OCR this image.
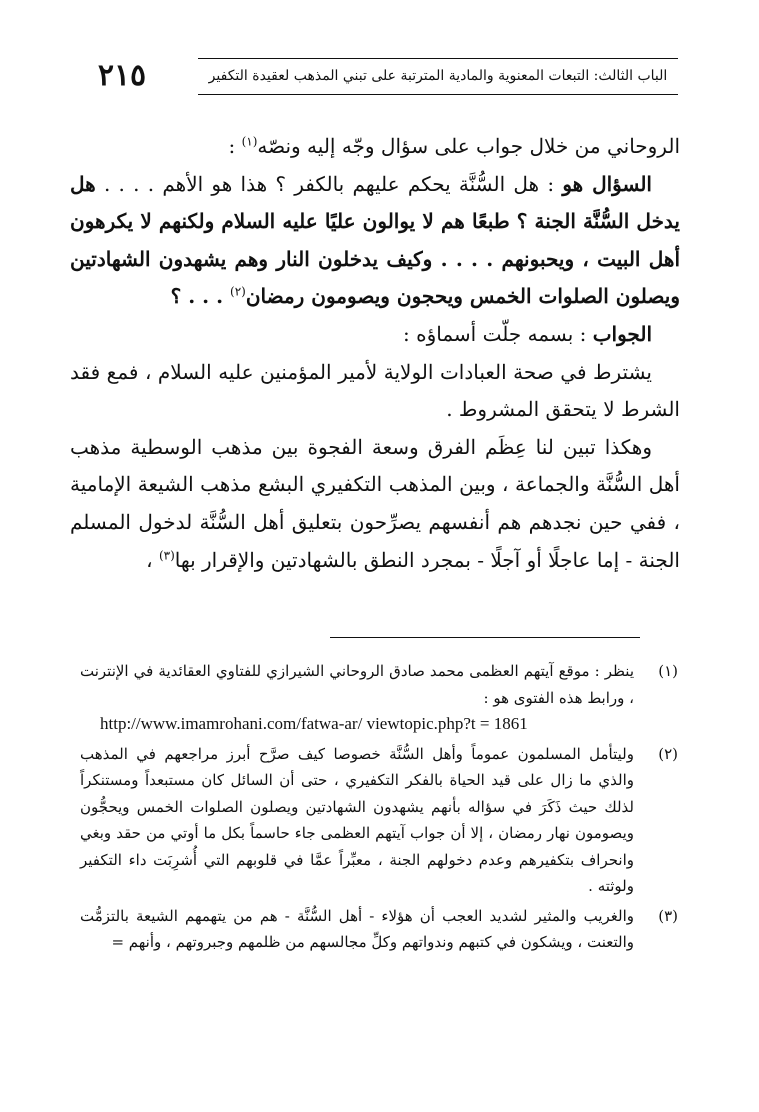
٢١٥	الباب الثالث: التبعات المعنوية والمادية المترتبة على تبني المذهب لعقيدة التكفير

الروحاني من خلال جواب على سؤال وجّه إليه ونصّه$^{(١)}$ :

السؤال هو : هل السُّنَّة يحكم عليهم بالكفر ؟ هذا هو الأهم . . . . هل يدخل السُّنَّة الجنة ؟ طبعًا هم لا يوالون عليًا عليه السلام ولكنهم لا يكرهون أهل البيت ، ويحبونهم . . . . وكيف يدخلون النار وهم يشهدون الشهادتين ويصلون الصلوات الخمس ويحجون ويصومون رمضان$^{(٢)}$ . . . ؟

الجواب : بسمه جلّت أسماؤه :

يشترط في صحة العبادات الولاية لأمير المؤمنين عليه السلام ، فمع فقد الشرط لا يتحقق المشروط .

وهكذا تبين لنا عِظَم الفرق وسعة الفجوة بين مذهب الوسطية مذهب أهل السُّنَّة والجماعة ، وبين المذهب التكفيري البشع مذهب الشيعة الإمامية ، ففي حين نجدهم هم أنفسهم يصرِّحون بتعليق أهل السُّنَّة لدخول المسلم الجنة - إما عاجلًا أو آجلًا - بمجرد النطق بالشهادتين والإقرار بها$^{(٣)}$ ،

(١)
ينظر : موقع آيتهم العظمى محمد صادق الروحاني الشيرازي للفتاوي العقائدية في الإنترنت ، ورابط هذه الفتوى هو :
http://www.imamrohani.com/fatwa-ar/ viewtopic.php?t = 1861
(٢)
وليتأمل المسلمون عموماً وأهل السُّنَّة خصوصا كيف صرَّح أبرز مراجعهم في المذهب والذي ما زال على قيد الحياة بالفكر التكفيري ، حتى أن السائل كان مستبعداً ومستنكراً لذلك حيث ذَكَرَ في سؤاله بأنهم يشهدون الشهادتين ويصلون الصلوات الخمس ويحجُّون ويصومون نهار رمضان ، إلا أن جواب آيتهم العظمى جاء حاسماً بكل ما أوتي من حقد وبغي وانحراف بتكفيرهم وعدم دخولهم الجنة ، معبِّراً عمَّا في قلوبهم التي أُشرِبَت داء التكفير ولوثته .
(٣)
والغريب والمثير لشديد العجب أن هؤلاء - أهل السُّنَّة - هم من يتهمهم الشيعة بالتزمُّت والتعنت ، ويشكون في كتبهم وندواتهم وكلِّ مجالسهم من ظلمهم وجبروتهم ، وأنهم =
